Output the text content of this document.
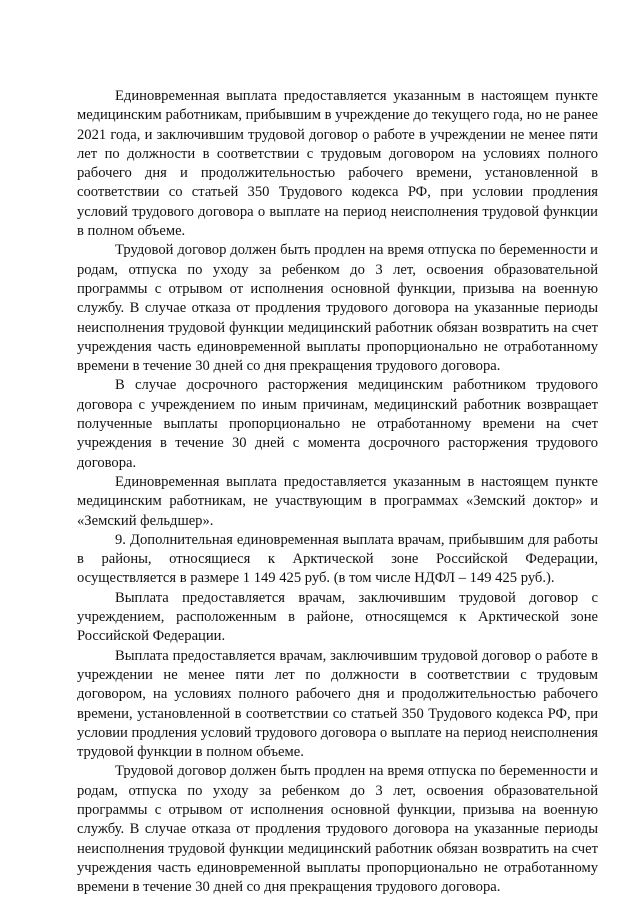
Единовременная выплата предоставляется указанным в настоящем пункте медицинским работникам, прибывшим в учреждение до текущего года, но не ранее 2021 года, и заключившим трудовой договор о работе в учреждении не менее пяти лет по должности в соответствии с трудовым договором на условиях полного рабочего дня и продолжительностью рабочего времени, установленной в соответствии со статьей 350 Трудового кодекса РФ, при условии продления условий трудового договора о выплате на период неисполнения трудовой функции в полном объеме.

Трудовой договор должен быть продлен на время отпуска по беременности и родам, отпуска по уходу за ребенком до 3 лет, освоения образовательной программы с отрывом от исполнения основной функции, призыва на военную службу. В случае отказа от продления трудового договора на указанные периоды неисполнения трудовой функции медицинский работник обязан возвратить на счет учреждения часть единовременной выплаты пропорционально не отработанному времени в течение 30 дней со дня прекращения трудового договора.

В случае досрочного расторжения медицинским работником трудового договора с учреждением по иным причинам, медицинский работник возвращает полученные выплаты пропорционально не отработанному времени на счет учреждения в течение 30 дней с момента досрочного расторжения трудового договора.

Единовременная выплата предоставляется указанным в настоящем пункте медицинским работникам, не участвующим в программах «Земский доктор» и «Земский фельдшер».

9. Дополнительная единовременная выплата врачам, прибывшим для работы в районы, относящиеся к Арктической зоне Российской Федерации, осуществляется в размере 1 149 425 руб. (в том числе НДФЛ – 149 425 руб.).

Выплата предоставляется врачам, заключившим трудовой договор с учреждением, расположенным в районе, относящемся к Арктической зоне Российской Федерации.

Выплата предоставляется врачам, заключившим трудовой договор о работе в учреждении не менее пяти лет по должности в соответствии с трудовым договором, на условиях полного рабочего дня и продолжительностью рабочего времени, установленной в соответствии со статьей 350 Трудового кодекса РФ, при условии продления условий трудового договора о выплате на период неисполнения трудовой функции в полном объеме.

Трудовой договор должен быть продлен на время отпуска по беременности и родам, отпуска по уходу за ребенком до 3 лет, освоения образовательной программы с отрывом от исполнения основной функции, призыва на военную службу. В случае отказа от продления трудового договора на указанные периоды неисполнения трудовой функции медицинский работник обязан возвратить на счет учреждения часть единовременной выплаты пропорционально не отработанному времени в течение 30 дней со дня прекращения трудового договора.
